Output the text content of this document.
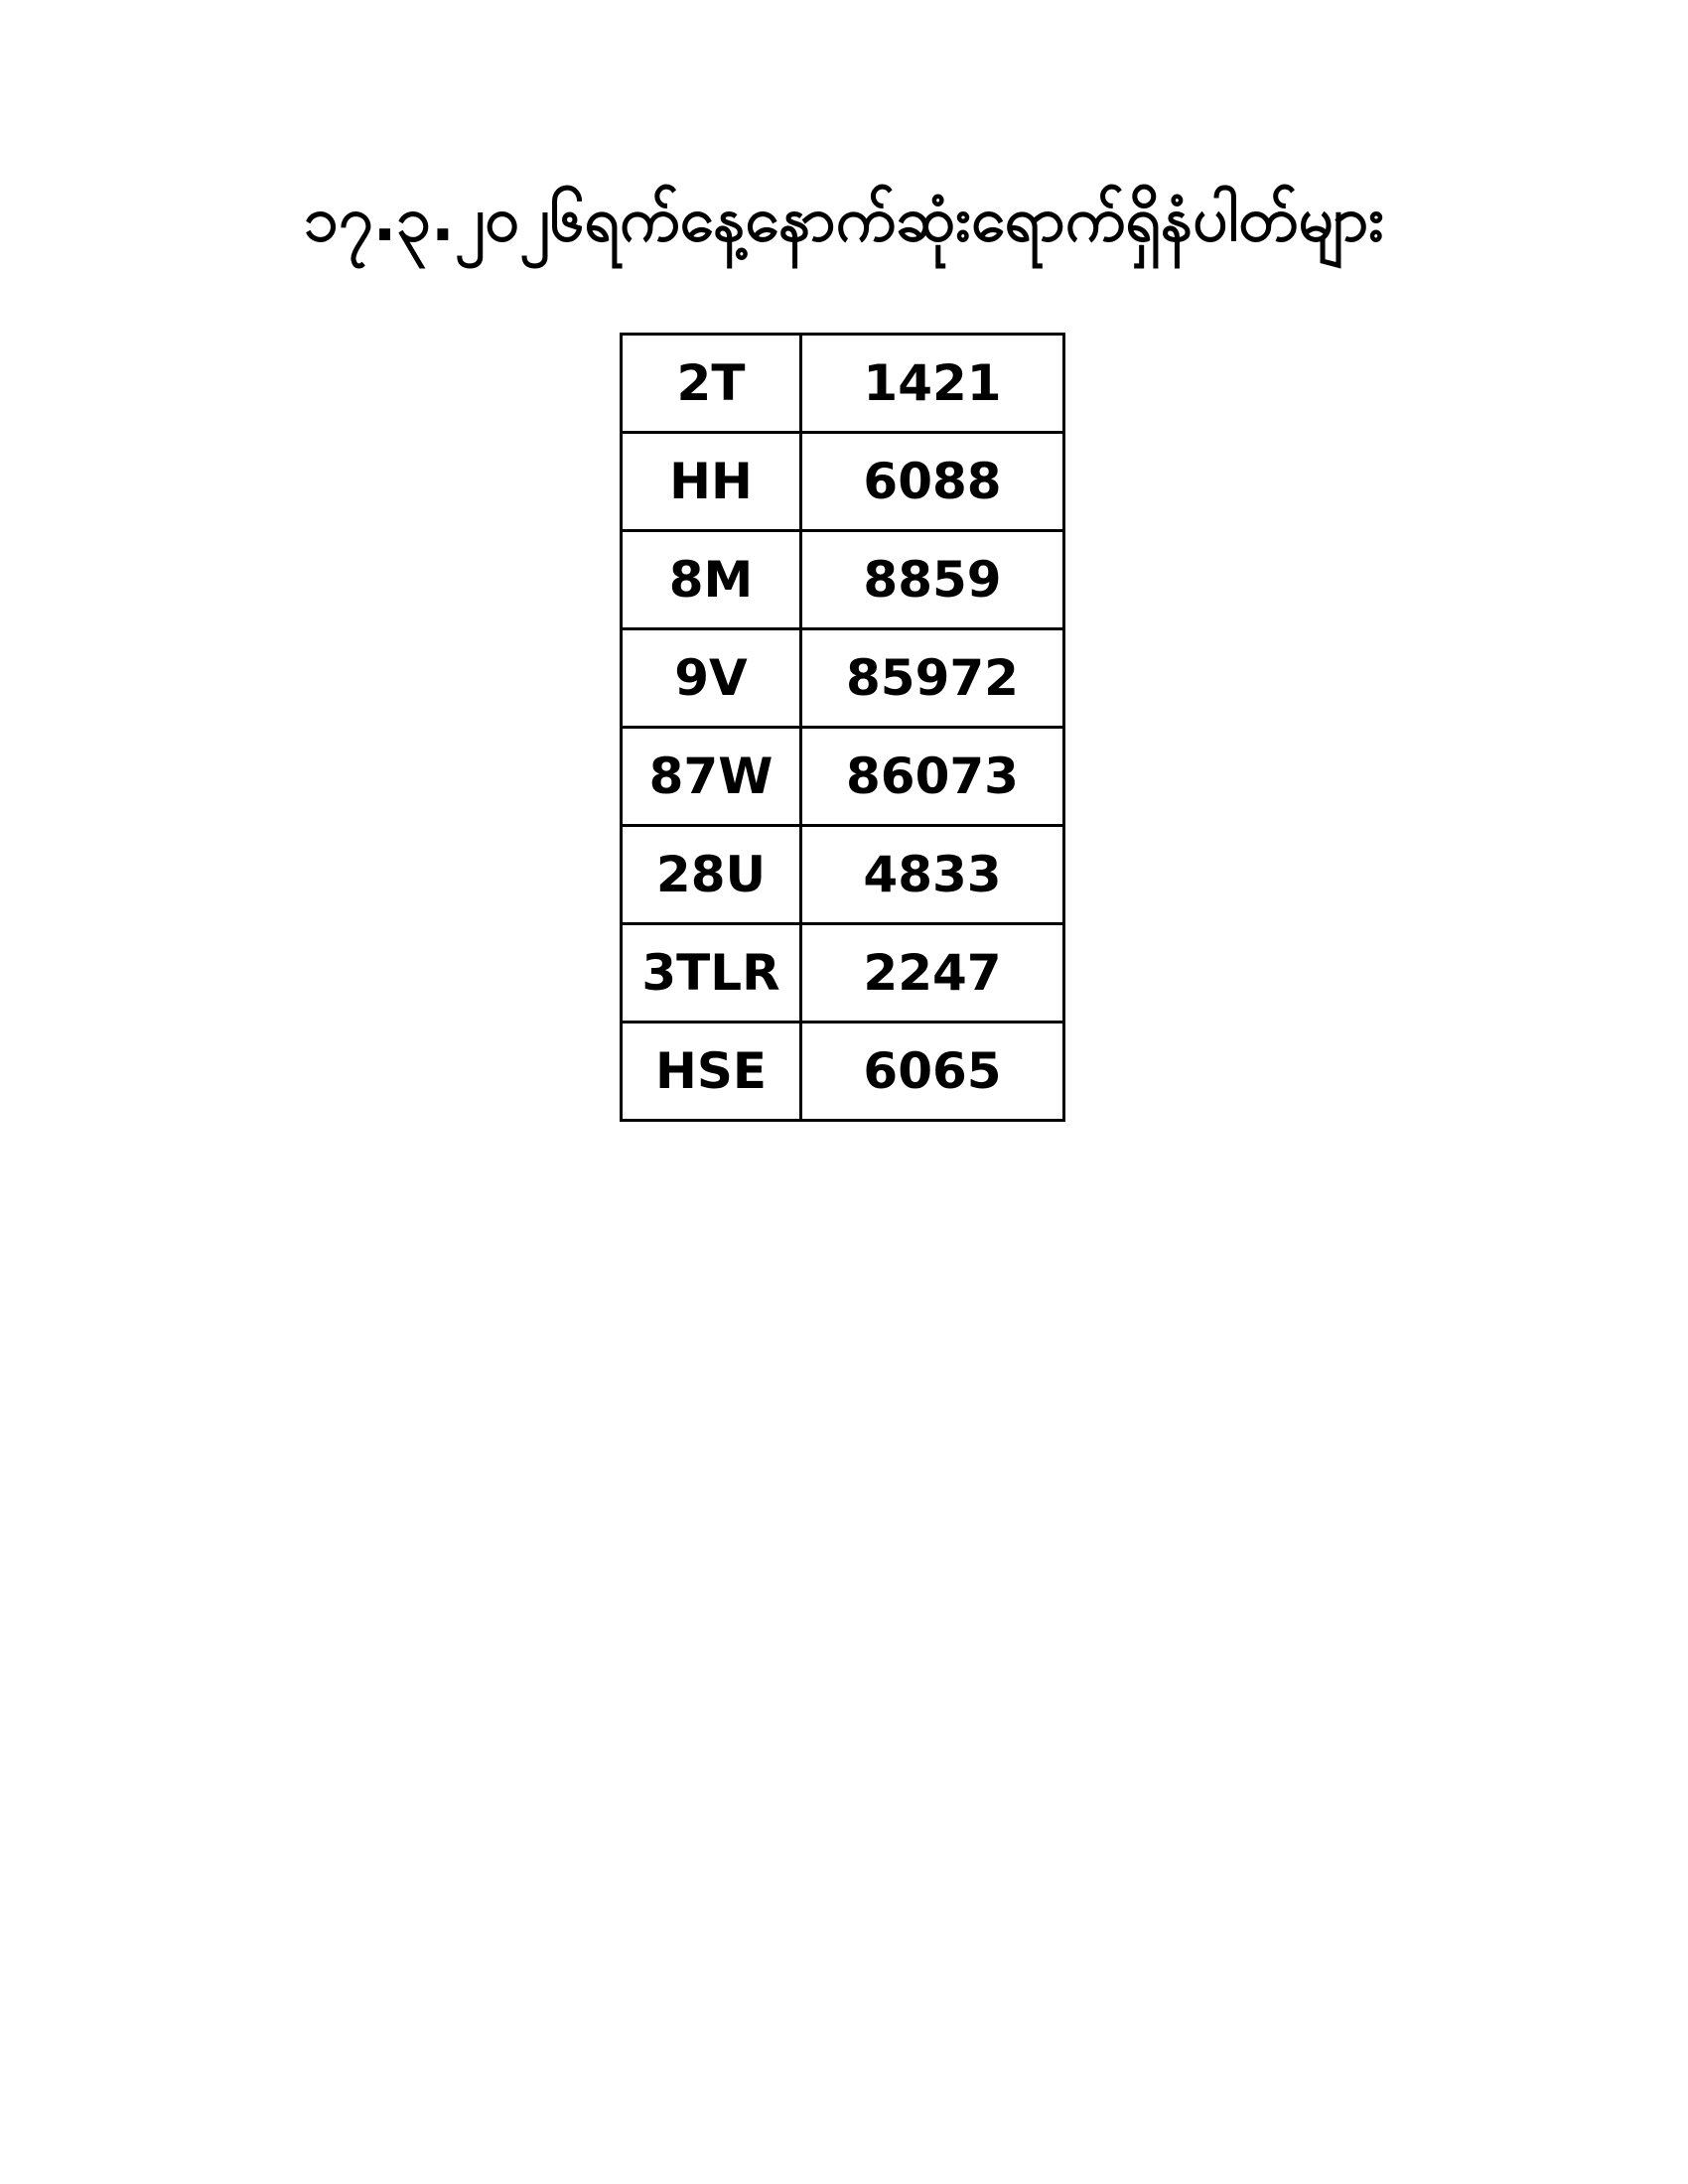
၁၇.၃.၂၀၂၆ရက်နေ့နောက်ဆုံးရောက်ရှိနံပါတ်များ
2T	1421
HH	6088
8M	8859
9V	85972
87W	86073
28U	4833
3TLR	2247
HSE	6065
